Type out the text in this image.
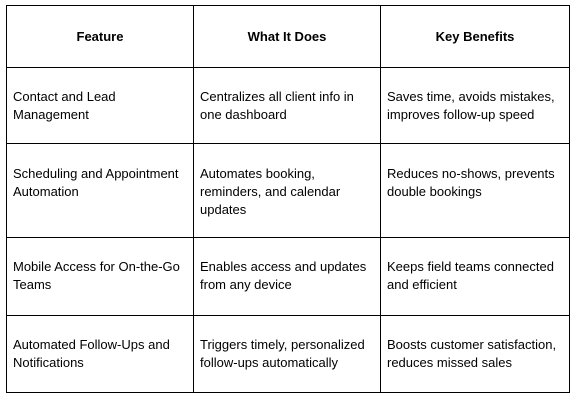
Feature	What It Does	Key Benefits
Contact and Lead Management	Centralizes all client info in one dashboard	Saves time, avoids mistakes, improves follow-up speed
Scheduling and Appointment Automation	Automates booking, reminders, and calendar updates	Reduces no-shows, prevents double bookings
Mobile Access for On-the-Go Teams	Enables access and updates from any device	Keeps field teams connected and efficient
Automated Follow-Ups and Notifications	Triggers timely, personalized follow-ups automatically	Boosts customer satisfaction, reduces missed sales
